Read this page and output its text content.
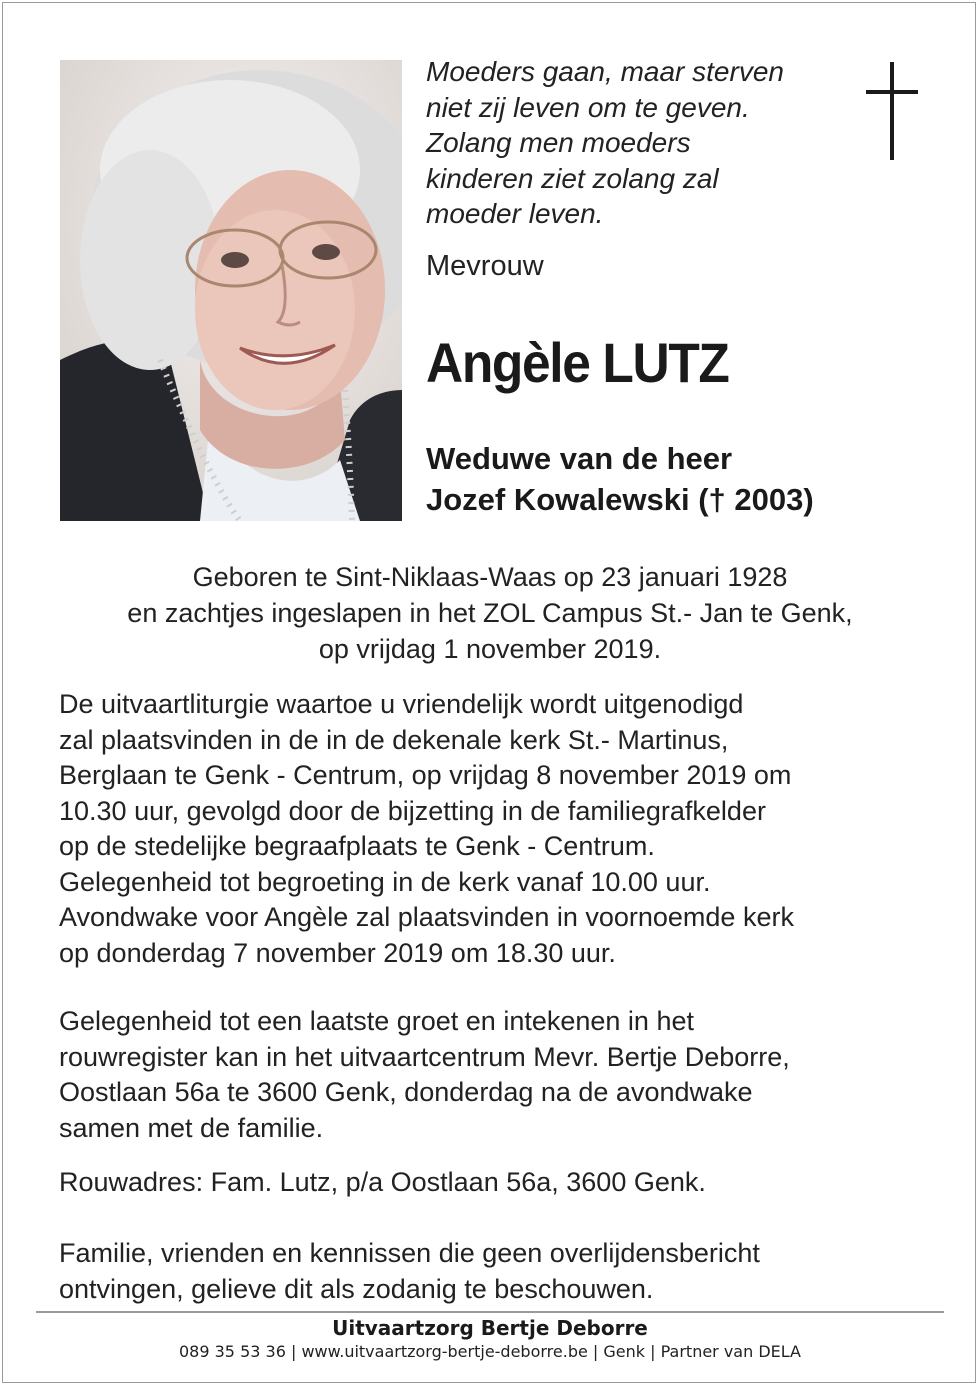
Moeders gaan, maar sterven
niet zij leven om te geven.
Zolang men moeders
kinderen ziet zolang zal
moeder leven.
Mevrouw
Angèle LUTZ
Weduwe van de heer
Jozef Kowalewski († 2003)
Geboren te Sint-Niklaas-Waas op 23 januari 1928
en zachtjes ingeslapen in het ZOL Campus St.- Jan te Genk,
op vrijdag 1 november 2019.
De uitvaartliturgie waartoe u vriendelijk wordt uitgenodigd
zal plaatsvinden in de in de dekenale kerk St.- Martinus,
Berglaan te Genk - Centrum, op vrijdag 8 november 2019 om
10.30 uur, gevolgd door de bijzetting in de familiegrafkelder
op de stedelijke begraafplaats te Genk - Centrum.
Gelegenheid tot begroeting in de kerk vanaf 10.00 uur.
Avondwake voor Angèle zal plaatsvinden in voornoemde kerk
op donderdag 7 november 2019 om 18.30 uur.
Gelegenheid tot een laatste groet en intekenen in het
rouwregister kan in het uitvaartcentrum Mevr. Bertje Deborre,
Oostlaan 56a te 3600 Genk, donderdag na de avondwake
samen met de familie.
Rouwadres: Fam. Lutz, p/a Oostlaan 56a, 3600 Genk.
Familie, vrienden en kennissen die geen overlijdensbericht
ontvingen, gelieve dit als zodanig te beschouwen.
Uitvaartzorg Bertje Deborre
089 35 53 36 | www.uitvaartzorg-bertje-deborre.be | Genk | Partner van DELA
